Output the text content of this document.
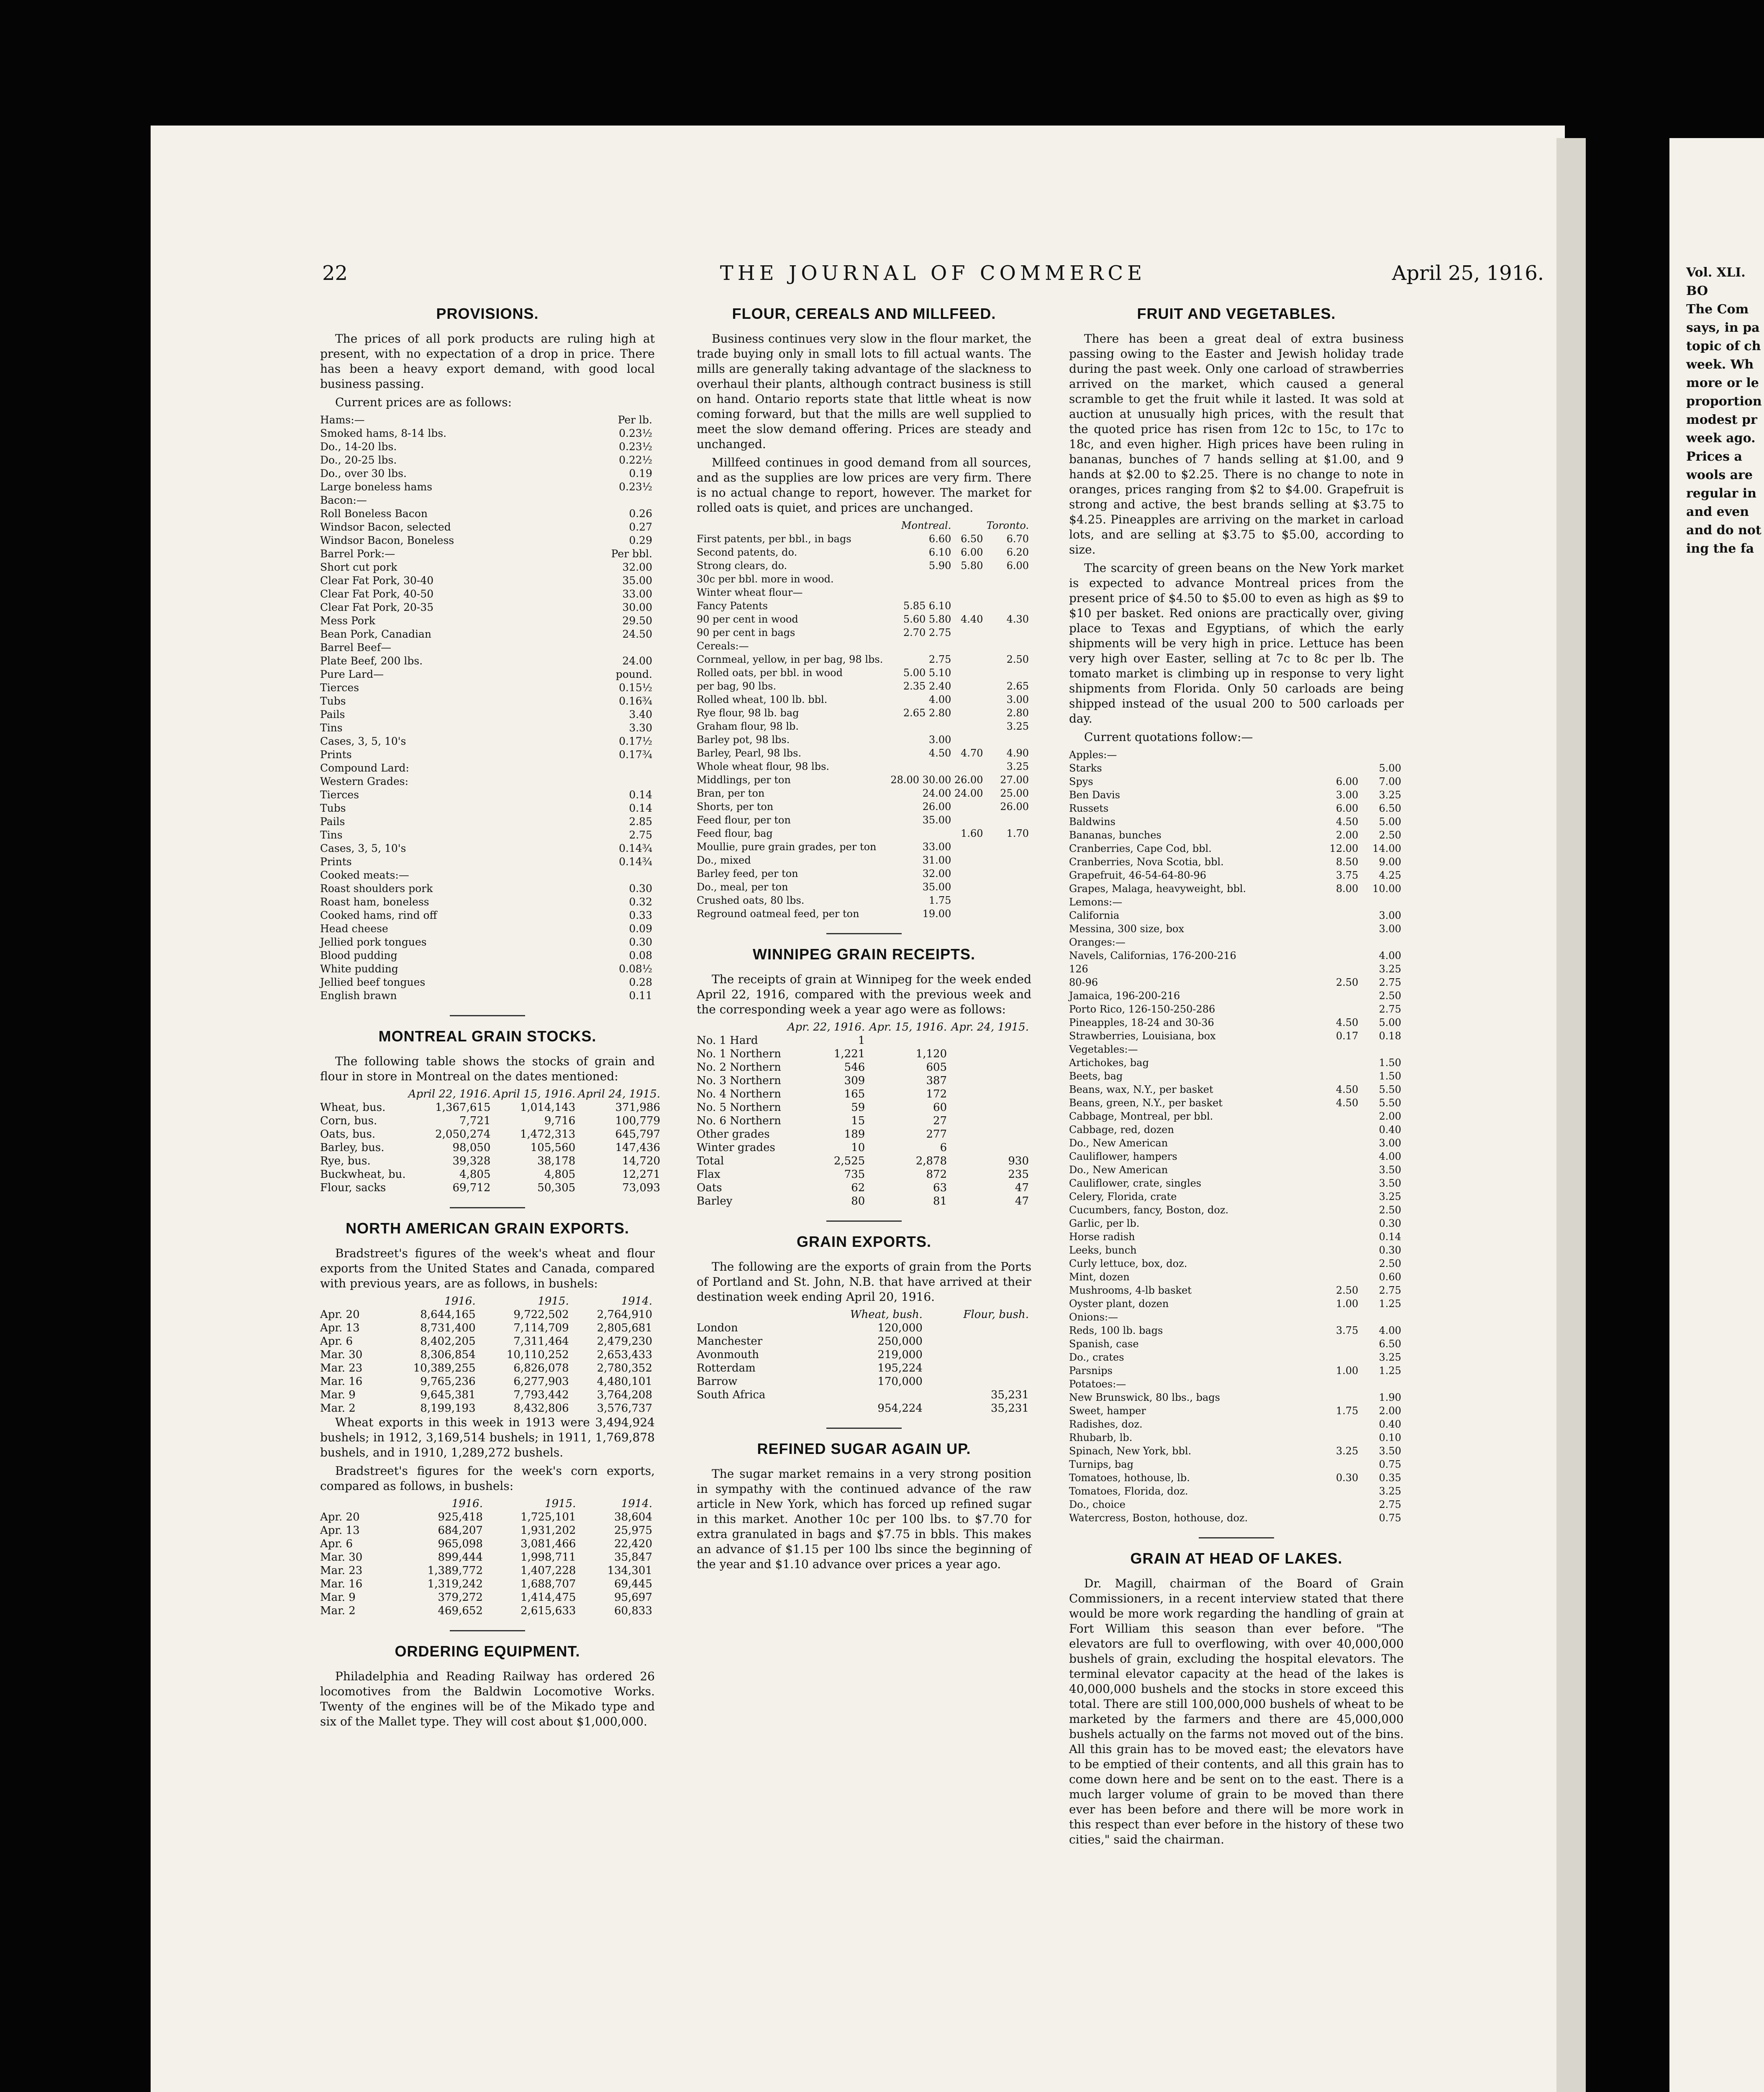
Vol. XLI.
BO
The Com
says, in pa
topic of ch
week. Wh
more or le
proportion
modest pr
week ago.
Prices a
wools are
regular in
and even
and do not
ing the fa
22	THE JOURNAL OF COMMERCE	April 25, 1916.
PROVISIONS.

The prices of all pork products are ruling high at present, with no expectation of a drop in price. There has been a heavy export demand, with good local business passing.

Current prices are as follows:

Hams:—	Per lb.
Smoked hams, 8-14 lbs.	0.23½
Do., 14-20 lbs.	0.23½
Do., 20-25 lbs.	0.22½
Do., over 30 lbs.	0.19
Large boneless hams	0.23½
Bacon:—	
Roll Boneless Bacon	0.26
Windsor Bacon, selected	0.27
Windsor Bacon, Boneless	0.29
Barrel Pork:—	Per bbl.
Short cut pork	32.00
Clear Fat Pork, 30-40	35.00
Clear Fat Pork, 40-50	33.00
Clear Fat Pork, 20-35	30.00
Mess Pork	29.50
Bean Pork, Canadian	24.50
Barrel Beef—	
Plate Beef, 200 lbs.	24.00
Pure Lard—	pound.
Tierces	0.15½
Tubs	0.16¾
Pails	3.40
Tins	3.30
Cases, 3, 5, 10's	0.17½
Prints	0.17¾
Compound Lard:	
Western Grades:	
Tierces	0.14
Tubs	0.14
Pails	2.85
Tins	2.75
Cases, 3, 5, 10's	0.14¾
Prints	0.14¾
Cooked meats:—	
Roast shoulders pork	0.30
Roast ham, boneless	0.32
Cooked hams, rind off	0.33
Head cheese	0.09
Jellied pork tongues	0.30
Blood pudding	0.08
White pudding	0.08½
Jellied beef tongues	0.28
English brawn	0.11
MONTREAL GRAIN STOCKS.

The following table shows the stocks of grain and flour in store in Montreal on the dates mentioned:

	April 22, 1916.	April 15, 1916.	April 24, 1915.
Wheat, bus.	1,367,615	1,014,143	371,986
Corn, bus.	7,721	9,716	100,779
Oats, bus.	2,050,274	1,472,313	645,797
Barley, bus.	98,050	105,560	147,436
Rye, bus.	39,328	38,178	14,720
Buckwheat, bu.	4,805	4,805	12,271
Flour, sacks	69,712	50,305	73,093
NORTH AMERICAN GRAIN EXPORTS.

Bradstreet's figures of the week's wheat and flour exports from the United States and Canada, compared with previous years, are as follows, in bushels:

	1916.	1915.	1914.
Apr. 20	8,644,165	9,722,502	2,764,910
Apr. 13	8,731,400	7,114,709	2,805,681
Apr. 6	8,402,205	7,311,464	2,479,230
Mar. 30	8,306,854	10,110,252	2,653,433
Mar. 23	10,389,255	6,826,078	2,780,352
Mar. 16	9,765,236	6,277,903	4,480,101
Mar. 9	9,645,381	7,793,442	3,764,208
Mar. 2	8,199,193	8,432,806	3,576,737

Wheat exports in this week in 1913 were 3,494,924 bushels; in 1912, 3,169,514 bushels; in 1911, 1,769,878 bushels, and in 1910, 1,289,272 bushels.

Bradstreet's figures for the week's corn exports, compared as follows, in bushels:

	1916.	1915.	1914.
Apr. 20	925,418	1,725,101	38,604
Apr. 13	684,207	1,931,202	25,975
Apr. 6	965,098	3,081,466	22,420
Mar. 30	899,444	1,998,711	35,847
Mar. 23	1,389,772	1,407,228	134,301
Mar. 16	1,319,242	1,688,707	69,445
Mar. 9	379,272	1,414,475	95,697
Mar. 2	469,652	2,615,633	60,833
ORDERING EQUIPMENT.

Philadelphia and Reading Railway has ordered 26 locomotives from the Baldwin Locomotive Works. Twenty of the engines will be of the Mikado type and six of the Mallet type. They will cost about $1,000,000.

FLOUR, CEREALS AND MILLFEED.

Business continues very slow in the flour market, the trade buying only in small lots to fill actual wants. The mills are generally taking advantage of the slackness to overhaul their plants, although contract business is still on hand. Ontario reports state that little wheat is now coming forward, but that the mills are well supplied to meet the slow demand offering. Prices are steady and unchanged.

Millfeed continues in good demand from all sources, and as the supplies are low prices are very firm. There is no actual change to report, however. The market for rolled oats is quiet, and prices are unchanged.

	Montreal.		Toronto.
First patents, per bbl., in bags	6.60	6.50	6.70
Second patents, do.	6.10	6.00	6.20
Strong clears, do.	5.90	5.80	6.00
30c per bbl. more in wood.			
Winter wheat flour—			
Fancy Patents	5.85 6.10		
90 per cent in wood	5.60 5.80	4.40	4.30
90 per cent in bags	2.70 2.75		
Cereals:—			
Cornmeal, yellow, in per bag, 98 lbs.	2.75		2.50
Rolled oats, per bbl. in wood	5.00 5.10		
per bag, 90 lbs.	2.35 2.40		2.65
Rolled wheat, 100 lb. bbl.	4.00		3.00
Rye flour, 98 lb. bag	2.65 2.80		2.80
Graham flour, 98 lb.			3.25
Barley pot, 98 lbs.	3.00		
Barley, Pearl, 98 lbs.	4.50	4.70	4.90
Whole wheat flour, 98 lbs.			3.25
Middlings, per ton	28.00 30.00	26.00	27.00
Bran, per ton	24.00	24.00	25.00
Shorts, per ton	26.00		26.00
Feed flour, per ton	35.00		
Feed flour, bag		1.60	1.70
Moullie, pure grain grades, per ton	33.00		
Do., mixed	31.00		
Barley feed, per ton	32.00		
Do., meal, per ton	35.00		
Crushed oats, 80 lbs.	1.75		
Reground oatmeal feed, per ton	19.00		
WINNIPEG GRAIN RECEIPTS.

The receipts of grain at Winnipeg for the week ended April 22, 1916, compared with the previous week and the corresponding week a year ago were as follows:

	Apr. 22, 1916.	Apr. 15, 1916.	Apr. 24, 1915.
No. 1 Hard	1		
No. 1 Northern	1,221	1,120	
No. 2 Northern	546	605	
No. 3 Northern	309	387	
No. 4 Northern	165	172	
No. 5 Northern	59	60	
No. 6 Northern	15	27	
Other grades	189	277	
Winter grades	10	6	
Total	2,525	2,878	930
Flax	735	872	235
Oats	62	63	47
Barley	80	81	47
GRAIN EXPORTS.

The following are the exports of grain from the Ports of Portland and St. John, N.B. that have arrived at their destination week ending April 20, 1916.

	Wheat, bush.	Flour, bush.
London	120,000	
Manchester	250,000	
Avonmouth	219,000	
Rotterdam	195,224	
Barrow	170,000	
South Africa		35,231
	954,224	35,231
REFINED SUGAR AGAIN UP.

The sugar market remains in a very strong position in sympathy with the continued advance of the raw article in New York, which has forced up refined sugar in this market. Another 10c per 100 lbs. to $7.70 for extra granulated in bags and $7.75 in bbls. This makes an advance of $1.15 per 100 lbs since the beginning of the year and $1.10 advance over prices a year ago.

FRUIT AND VEGETABLES.

There has been a great deal of extra business passing owing to the Easter and Jewish holiday trade during the past week. Only one carload of strawberries arrived on the market, which caused a general scramble to get the fruit while it lasted. It was sold at auction at unusually high prices, with the result that the quoted price has risen from 12c to 15c, to 17c to 18c, and even higher. High prices have been ruling in bananas, bunches of 7 hands selling at $1.00, and 9 hands at $2.00 to $2.25. There is no change to note in oranges, prices ranging from $2 to $4.00. Grapefruit is strong and active, the best brands selling at $3.75 to $4.25. Pineapples are arriving on the market in carload lots, and are selling at $3.75 to $5.00, according to size.

The scarcity of green beans on the New York market is expected to advance Montreal prices from the present price of $4.50 to $5.00 to even as high as $9 to $10 per basket. Red onions are practically over, giving place to Texas and Egyptians, of which the early shipments will be very high in price. Lettuce has been very high over Easter, selling at 7c to 8c per lb. The tomato market is climbing up in response to very light shipments from Florida. Only 50 carloads are being shipped instead of the usual 200 to 500 carloads per day.

Current quotations follow:—

Apples:—		
Starks		5.00
Spys	6.00	7.00
Ben Davis	3.00	3.25
Russets	6.00	6.50
Baldwins	4.50	5.00
Bananas, bunches	2.00	2.50
Cranberries, Cape Cod, bbl.	12.00	14.00
Cranberries, Nova Scotia, bbl.	8.50	9.00
Grapefruit, 46-54-64-80-96	3.75	4.25
Grapes, Malaga, heavyweight, bbl.	8.00	10.00
Lemons:—		
California		3.00
Messina, 300 size, box		3.00
Oranges:—		
Navels, Californias, 176-200-216		4.00
126		3.25
80-96	2.50	2.75
Jamaica, 196-200-216		2.50
Porto Rico, 126-150-250-286		2.75
Pineapples, 18-24 and 30-36	4.50	5.00
Strawberries, Louisiana, box	0.17	0.18
Vegetables:—		
Artichokes, bag		1.50
Beets, bag		1.50
Beans, wax, N.Y., per basket	4.50	5.50
Beans, green, N.Y., per basket	4.50	5.50
Cabbage, Montreal, per bbl.		2.00
Cabbage, red, dozen		0.40
Do., New American		3.00
Cauliflower, hampers		4.00
Do., New American		3.50
Cauliflower, crate, singles		3.50
Celery, Florida, crate		3.25
Cucumbers, fancy, Boston, doz.		2.50
Garlic, per lb.		0.30
Horse radish		0.14
Leeks, bunch		0.30
Curly lettuce, box, doz.		2.50
Mint, dozen		0.60
Mushrooms, 4-lb basket	2.50	2.75
Oyster plant, dozen	1.00	1.25
Onions:—		
Reds, 100 lb. bags	3.75	4.00
Spanish, case		6.50
Do., crates		3.25
Parsnips	1.00	1.25
Potatoes:—		
New Brunswick, 80 lbs., bags		1.90
Sweet, hamper	1.75	2.00
Radishes, doz.		0.40
Rhubarb, lb.		0.10
Spinach, New York, bbl.	3.25	3.50
Turnips, bag		0.75
Tomatoes, hothouse, lb.	0.30	0.35
Tomatoes, Florida, doz.		3.25
Do., choice		2.75
Watercress, Boston, hothouse, doz.		0.75
GRAIN AT HEAD OF LAKES.

Dr. Magill, chairman of the Board of Grain Commissioners, in a recent interview stated that there would be more work regarding the handling of grain at Fort William this season than ever before. "The elevators are full to overflowing, with over 40,000,000 bushels of grain, excluding the hospital elevators. The terminal elevator capacity at the head of the lakes is 40,000,000 bushels and the stocks in store exceed this total. There are still 100,000,000 bushels of wheat to be marketed by the farmers and there are 45,000,000 bushels actually on the farms not moved out of the bins. All this grain has to be moved east; the elevators have to be emptied of their contents, and all this grain has to come down here and be sent on to the east. There is a much larger volume of grain to be moved than there ever has been before and there will be more work in this respect than ever before in the history of these two cities," said the chairman.
